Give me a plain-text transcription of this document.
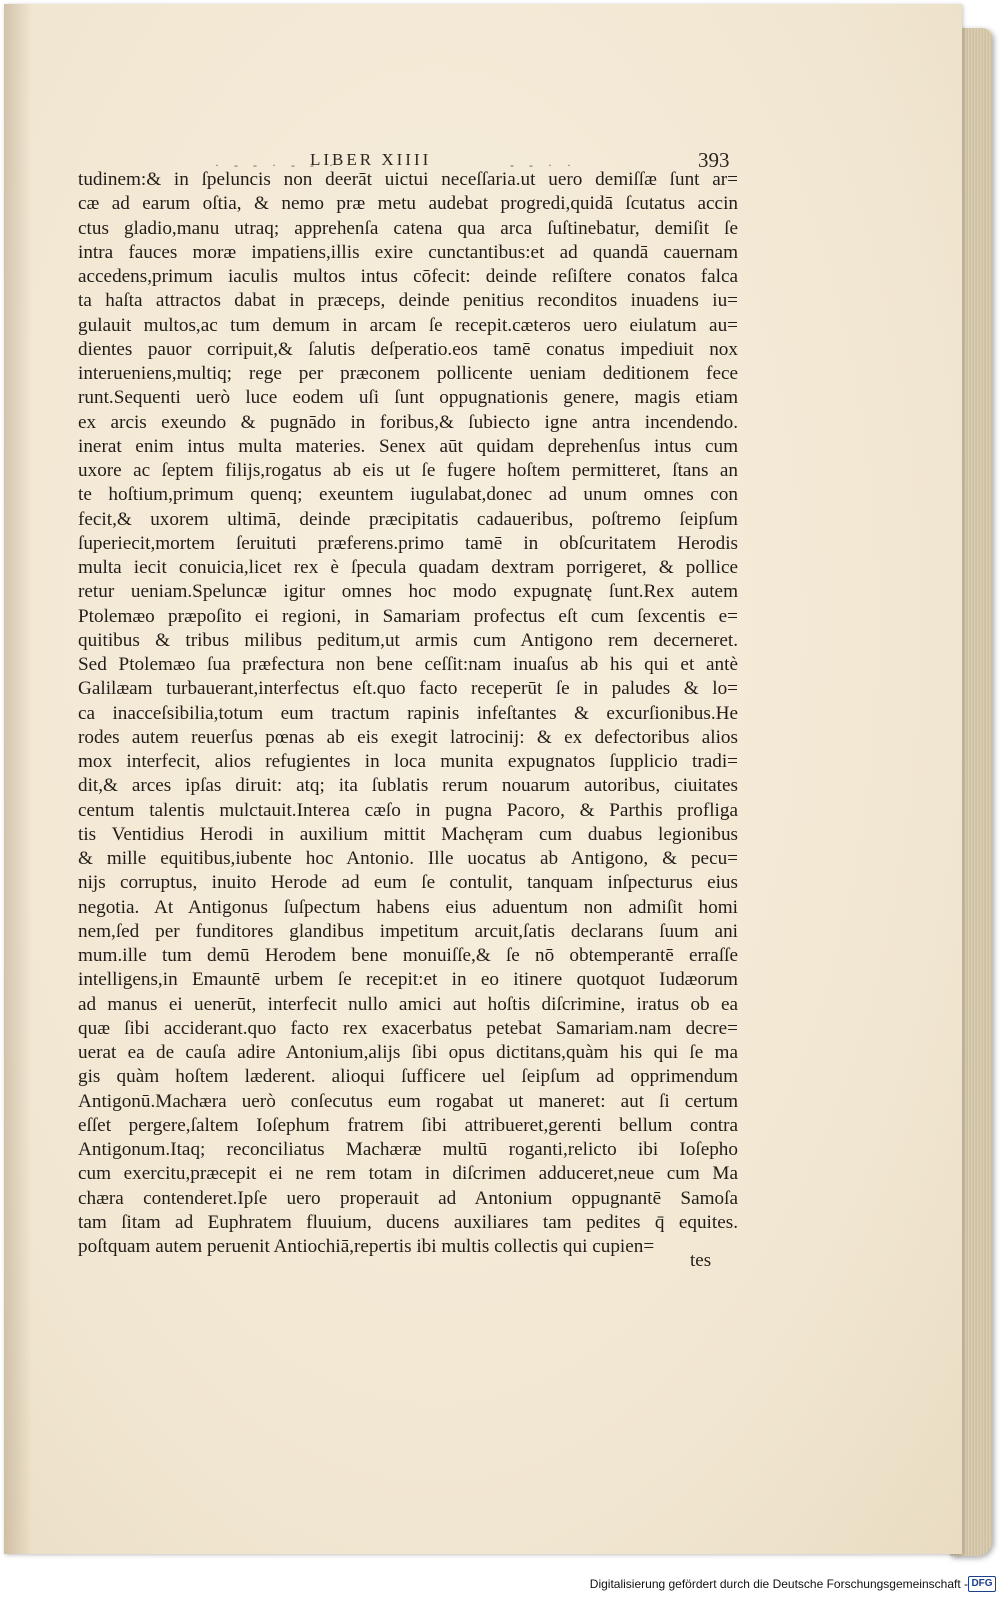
· - - · - - ·
LIBER XIIII	- - · ·	393
tudinem:& in ſpeluncis non deerāt uictui neceſſaria.ut uero demiſſæ ſunt ar=
cæ ad earum oſtia, & nemo præ metu audebat progredi,quidā ſcutatus accin
ctus gladio,manu utraq; apprehenſa catena qua arca ſuſtinebatur, demiſit ſe
intra fauces moræ impatiens,illis exire cunctantibus:et ad quandā cauernam
accedens,primum iaculis multos intus cōfecit: deinde reſiſtere conatos falca
ta haſta attractos dabat in præceps, deinde penitius reconditos inuadens iu=
gulauit multos,ac tum demum in arcam ſe recepit.cæteros uero eiulatum au=
dientes pauor corripuit,& ſalutis deſperatio.eos tamē conatus impediuit nox
interueniens,multiq; rege per præconem pollicente ueniam deditionem fece
runt.Sequenti uerò luce eodem uſi ſunt oppugnationis genere, magis etiam
ex arcis exeundo & pugnādo in foribus,& ſubiecto igne antra incendendo.
inerat enim intus multa materies. Senex aūt quidam deprehenſus intus cum
uxore ac ſeptem filijs,rogatus ab eis ut ſe fugere hoſtem permitteret, ſtans an
te hoſtium,primum quenq; exeuntem iugulabat,donec ad unum omnes con
fecit,& uxorem ultimā, deinde præcipitatis cadaueribus, poſtremo ſeipſum
ſuperiecit,mortem ſeruituti præferens.primo tamē in obſcuritatem Herodis
multa iecit conuicia,licet rex è ſpecula quadam dextram porrigeret, & pollice
retur ueniam.Speluncæ igitur omnes hoc modo expugnatę ſunt.Rex autem
Ptolemæo præpoſito ei regioni, in Samariam profectus eſt cum ſexcentis e=
quitibus & tribus milibus peditum,ut armis cum Antigono rem decerneret.
Sed Ptolemæo ſua præfectura non bene ceſſit:nam inuaſus ab his qui et antè
Galilæam turbauerant,interfectus eſt.quo facto receperūt ſe in paludes & lo=
ca inacceſsibilia,totum eum tractum rapinis infeſtantes & excurſionibus.He
rodes autem reuerſus pœnas ab eis exegit latrocinij: & ex defectoribus alios
mox interfecit, alios refugientes in loca munita expugnatos ſupplicio tradi=
dit,& arces ipſas diruit: atq; ita ſublatis rerum nouarum autoribus, ciuitates
centum talentis mulctauit.Interea cæſo in pugna Pacoro, & Parthis profliga
tis Ventidius Herodi in auxilium mittit Machęram cum duabus legionibus
& mille equitibus,iubente hoc Antonio. Ille uocatus ab Antigono, & pecu=
nijs corruptus, inuito Herode ad eum ſe contulit, tanquam inſpecturus eius
negotia. At Antigonus ſuſpectum habens eius aduentum non admiſit homi
nem,ſed per funditores glandibus impetitum arcuit,ſatis declarans ſuum ani
mum.ille tum demū Herodem bene monuiſſe,& ſe nō obtemperantē erraſſe
intelligens,in Emauntē urbem ſe recepit:et in eo itinere quotquot Iudæorum
ad manus ei uenerūt, interfecit nullo amici aut hoſtis diſcrimine, iratus ob ea
quæ ſibi acciderant.quo facto rex exacerbatus petebat Samariam.nam decre=
uerat ea de cauſa adire Antonium,alijs ſibi opus dictitans,quàm his qui ſe ma
gis quàm hoſtem læderent. alioqui ſufficere uel ſeipſum ad opprimendum
Antigonū.Machæra uerò conſecutus eum rogabat ut maneret: aut ſi certum
eſſet pergere,ſaltem Ioſephum fratrem ſibi attribueret,gerenti bellum contra
Antigonum.Itaq; reconciliatus Machæræ multū roganti,relicto ibi Ioſepho
cum exercitu,præcepit ei ne rem totam in diſcrimen adduceret,neue cum Ma
chæra contenderet.Ipſe uero properauit ad Antonium oppugnantē Samoſa
tam ſitam ad Euphratem fluuium, ducens auxiliares tam pedites q̄ equites.
poſtquam autem peruenit Antiochiā,repertis ibi multis collectis qui cupien=
tes
Digitalisierung gefördert durch die Deutsche Forschungsgemeinschaft - DFG
